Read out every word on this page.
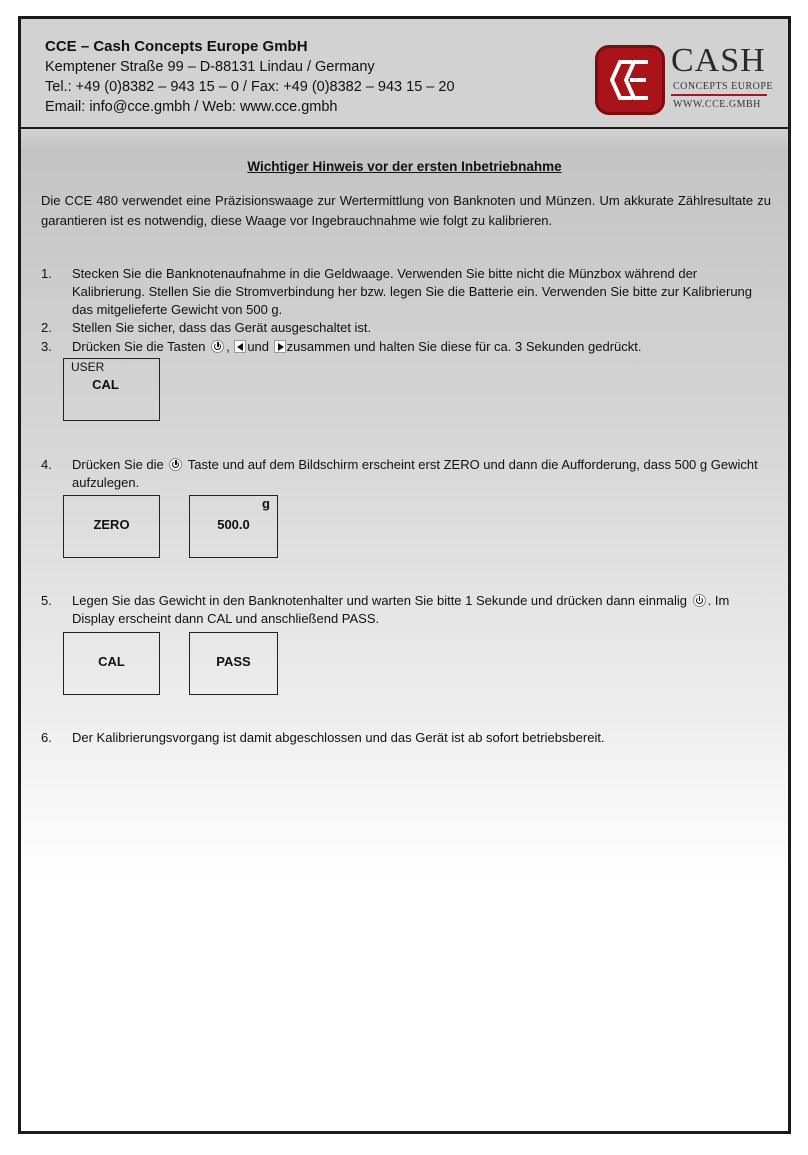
CCE – Cash Concepts Europe GmbH
Kemptener Straße 99 – D-88131 Lindau / Germany
Tel.: +49 (0)8382 – 943 15 – 0 / Fax: +49 (0)8382 – 943 15 – 20
Email: info@cce.gmbh / Web: www.cce.gmbh
CASH
CONCEPTS EUROPE
WWW.CCE.GMBH
Wichtiger Hinweis vor der ersten Inbetriebnahme
Die CCE 480 verwendet eine Präzisionswaage zur Wertermittlung von Banknoten und Münzen. Um akkurate Zählresultate zu garantieren ist es notwendig, diese Waage vor Ingebrauchnahme wie folgt zu kalibrieren.
1.	Stecken Sie die Banknotenaufnahme in die Geldwaage. Verwenden Sie bitte nicht die Münzbox während der Kalibrierung. Stellen Sie die Stromverbindung her bzw. legen Sie die Batterie ein. Verwenden Sie bitte zur Kalibrierung das mitgelieferte Gewicht von 500 g.
2.	Stellen Sie sicher, dass das Gerät ausgeschaltet ist.
3.	Drücken Sie die Tasten , und zusammen und halten Sie diese für ca. 3 Sekunden gedrückt.
USER
CAL
4.	Drücken Sie die Taste und auf dem Bildschirm erscheint erst ZERO und dann die Aufforderung, dass 500 g Gewicht aufzulegen.
ZERO
g
500.0
5.	Legen Sie das Gewicht in den Banknotenhalter und warten Sie bitte 1 Sekunde und drücken dann einmalig . Im Display erscheint dann CAL und anschließend PASS.
CAL	PASS
6.	Der Kalibrierungsvorgang ist damit abgeschlossen und das Gerät ist ab sofort betriebsbereit.
